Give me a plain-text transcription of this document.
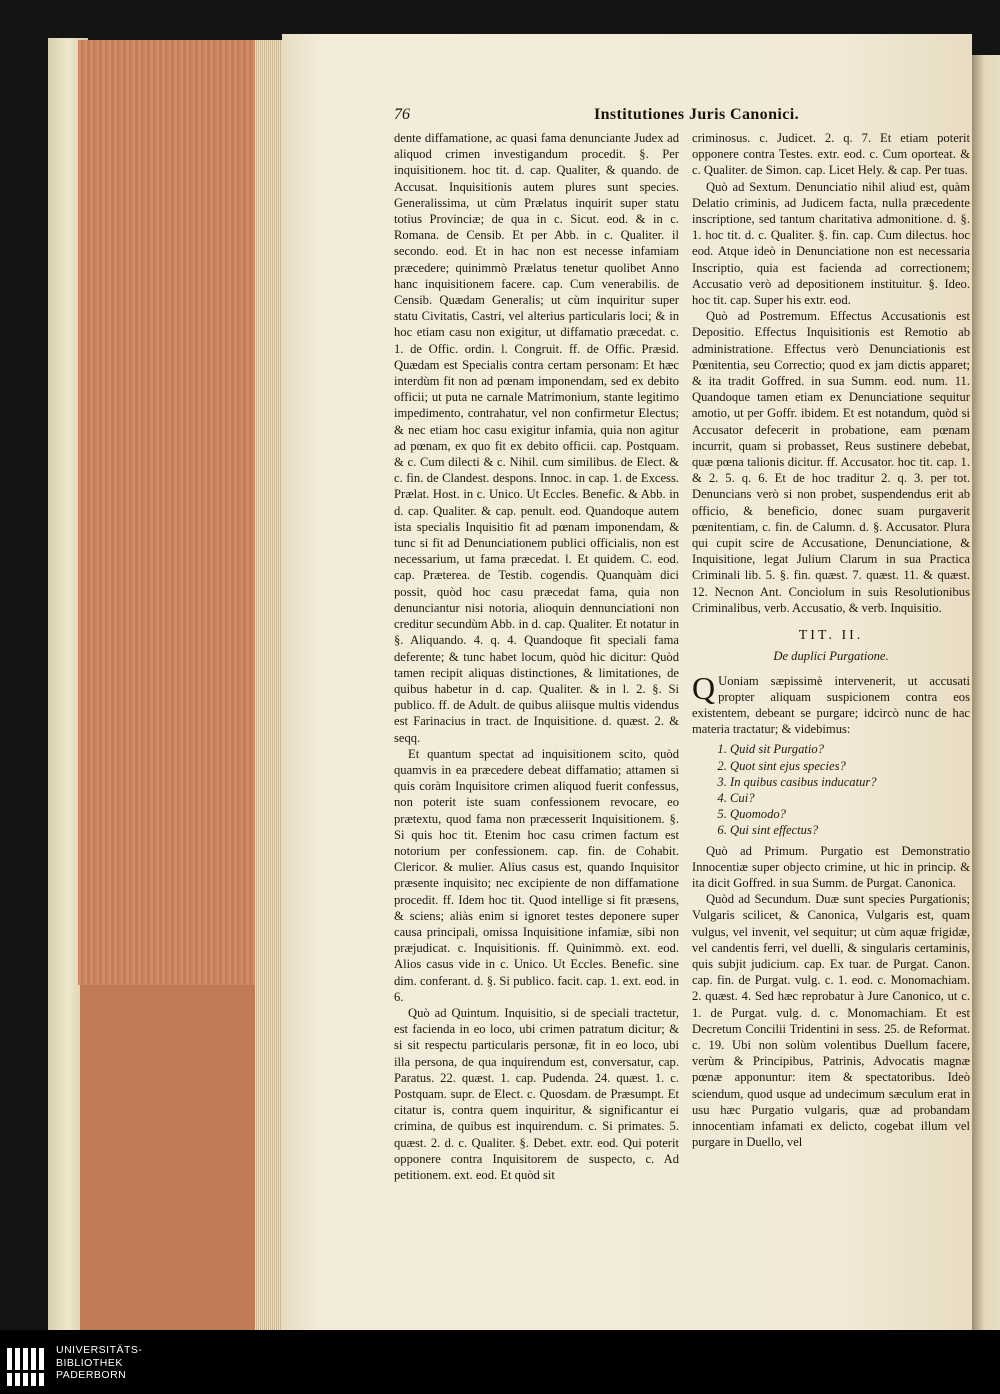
76	Institutiones Juris Canonici.

dente diffamatione, ac quasi fama denunciante Judex ad aliquod crimen investigandum procedit. §. Per inquisitionem. hoc tit. d. cap. Qualiter, & quando. de Accusat. Inquisitionis autem plures sunt species. Generalissima, ut cùm Prælatus inquirit super statu totius Provinciæ; de qua in c. Sicut. eod. & in c. Romana. de Censib. Et per Abb. in c. Qualiter. il secondo. eod. Et in hac non est necesse infamiam præcedere; quinimmò Prælatus tenetur quolibet Anno hanc inquisitionem facere. cap. Cum venerabilis. de Censib. Quædam Generalis; ut cùm inquiritur super statu Civitatis, Castri, vel alterius particularis loci; & in hoc etiam casu non exigitur, ut diffamatio præcedat. c. 1. de Offic. ordin. l. Congruit. ff. de Offic. Præsid. Quædam est Specialis contra certam personam: Et hæc interdùm fit non ad pœnam imponendam, sed ex debito officii; ut puta ne carnale Matrimonium, stante legitimo impedimento, contrahatur, vel non confirmetur Electus; & nec etiam hoc casu exigitur infamia, quia non agitur ad pœnam, ex quo fit ex debito officii. cap. Postquam. & c. Cum dilecti & c. Nihil. cum similibus. de Elect. & c. fin. de Clandest. despons. Innoc. in cap. 1. de Excess. Prælat. Host. in c. Unico. Ut Eccles. Benefic. & Abb. in d. cap. Qualiter. & cap. penult. eod. Quandoque autem ista specialis Inquisitio fit ad pœnam imponendam, & tunc si fit ad Denunciationem publici officialis, non est necessarium, ut fama præcedat. l. Et quidem. C. eod. cap. Præterea. de Testib. cogendis. Quanquàm dici possit, quòd hoc casu præcedat fama, quia non denunciantur nisi notoria, alioquin dennunciationi non creditur secundùm Abb. in d. cap. Qualiter. Et notatur in §. Aliquando. 4. q. 4. Quandoque fit speciali fama deferente; & tunc habet locum, quòd hic dicitur: Quòd tamen recipit aliquas distinctiones, & limitationes, de quibus habetur in d. cap. Qualiter. & in l. 2. §. Si publico. ff. de Adult. de quibus aliisque multis videndus est Farinacius in tract. de Inquisitione. d. quæst. 2. & seqq.

Et quantum spectat ad inquisitionem scito, quòd quamvis in ea præcedere debeat diffamatio; attamen si quis coràm Inquisitore crimen aliquod fuerit confessus, non poterit iste suam confessionem revocare, eo prætextu, quod fama non præcesserit Inquisitionem. §. Si quis hoc tit. Etenim hoc casu crimen factum est notorium per confessionem. cap. fin. de Cohabit. Clericor. & mulier. Alius casus est, quando Inquisitor præsente inquisito; nec excipiente de non diffamatione procedit. ff. Idem hoc tit. Quod intellige si fit præsens, & sciens; aliàs enim si ignoret testes deponere super causa principali, omissa Inquisitione infamiæ, sibi non præjudicat. c. Inquisitionis. ff. Quinimmò. ext. eod. Alios casus vide in c. Unico. Ut Eccles. Benefic. sine dim. conferant. d. §. Si publico. facit. cap. 1. ext. eod. in 6.

Quò ad Quintum. Inquisitio, si de speciali tractetur, est facienda in eo loco, ubi crimen patratum dicitur; & si sit respectu particularis personæ, fit in eo loco, ubi illa persona, de qua inquirendum est, conversatur, cap. Paratus. 22. quæst. 1. cap. Pudenda. 24. quæst. 1. c. Postquam. supr. de Elect. c. Quosdam. de Præsumpt. Et citatur is, contra quem inquiritur, & significantur ei crimina, de quibus est inquirendum. c. Si primates. 5. quæst. 2. d. c. Qualiter. §. Debet. extr. eod. Qui poterit opponere contra Inquisitorem de suspecto, c. Ad petitionem. ext. eod. Et quòd sit

criminosus. c. Judicet. 2. q. 7. Et etiam poterit opponere contra Testes. extr. eod. c. Cum oporteat. & c. Qualiter. de Simon. cap. Licet Hely. & cap. Per tuas.

Quò ad Sextum. Denunciatio nihil aliud est, quàm Delatio criminis, ad Judicem facta, nulla præcedente inscriptione, sed tantum charitativa admonitione. d. §. 1. hoc tit. d. c. Qualiter. §. fin. cap. Cum dilectus. hoc eod. Atque ideò in Denunciatione non est necessaria Inscriptio, quia est facienda ad correctionem; Accusatio verò ad depositionem instituitur. §. Ideo. hoc tit. cap. Super his extr. eod.

Quò ad Postremum. Effectus Accusationis est Depositio. Effectus Inquisitionis est Remotio ab administratione. Effectus verò Denunciationis est Pœnitentia, seu Correctio; quod ex jam dictis apparet; & ita tradit Goffred. in sua Summ. eod. num. 11. Quandoque tamen etiam ex Denunciatione sequitur amotio, ut per Goffr. ibidem. Et est notandum, quòd si Accusator defecerit in probatione, eam pœnam incurrit, quam si probasset, Reus sustinere debebat, quæ pœna talionis dicitur. ff. Accusator. hoc tit. cap. 1. & 2. 5. q. 6. Et de hoc traditur 2. q. 3. per tot. Denuncians verò si non probet, suspendendus erit ab officio, & beneficio, donec suam purgaverit pœnitentiam, c. fin. de Calumn. d. §. Accusator. Plura qui cupit scire de Accusatione, Denunciatione, & Inquisitione, legat Julium Clarum in sua Practica Criminali lib. 5. §. fin. quæst. 7. quæst. 11. & quæst. 12. Necnon Ant. Conciolum in suis Resolutionibus Criminalibus, verb. Accusatio, & verb. Inquisitio.

TIT. II.
De duplici Purgatione.

Q Uoniam sæpissimè intervenerit, ut accusati propter aliquam suspicionem contra eos existentem, debeant se purgare; idcircò nunc de hac materia tractatur; & videbimus:

1. Quid sit Purgatio?
2. Quot sint ejus species?
3. In quibus casibus inducatur?
4. Cui?
5. Quomodo?
6. Qui sint effectus?

Quò ad Primum. Purgatio est Demonstratio Innocentiæ super objecto crimine, ut hic in princip. & ita dicit Goffred. in sua Summ. de Purgat. Canonica.

Quòd ad Secundum. Duæ sunt species Purgationis; Vulgaris scilicet, & Canonica, Vulgaris est, quam vulgus, vel invenit, vel sequitur; ut cùm aquæ frigidæ, vel candentis ferri, vel duelli, & singularis certaminis, quis subjit judicium. cap. Ex tuar. de Purgat. Canon. cap. fin. de Purgat. vulg. c. 1. eod. c. Monomachiam. 2. quæst. 4. Sed hæc reprobatur à Jure Canonico, ut c. 1. de Purgat. vulg. d. c. Monomachiam. Et est Decretum Concilii Tridentini in sess. 25. de Reformat. c. 19. Ubi non solùm volentibus Duellum facere, verùm & Principibus, Patrinis, Advocatis magnæ pœnæ apponuntur: item & spectatoribus. Ideò sciendum, quod usque ad undecimum sæculum erat in usu hæc Purgatio vulgaris, quæ ad probandam innocentiam infamati ex delicto, cogebat illum vel purgare in Duello, vel

UNIVERSITÄTS-
BIBLIOTHEK
PADERBORN
